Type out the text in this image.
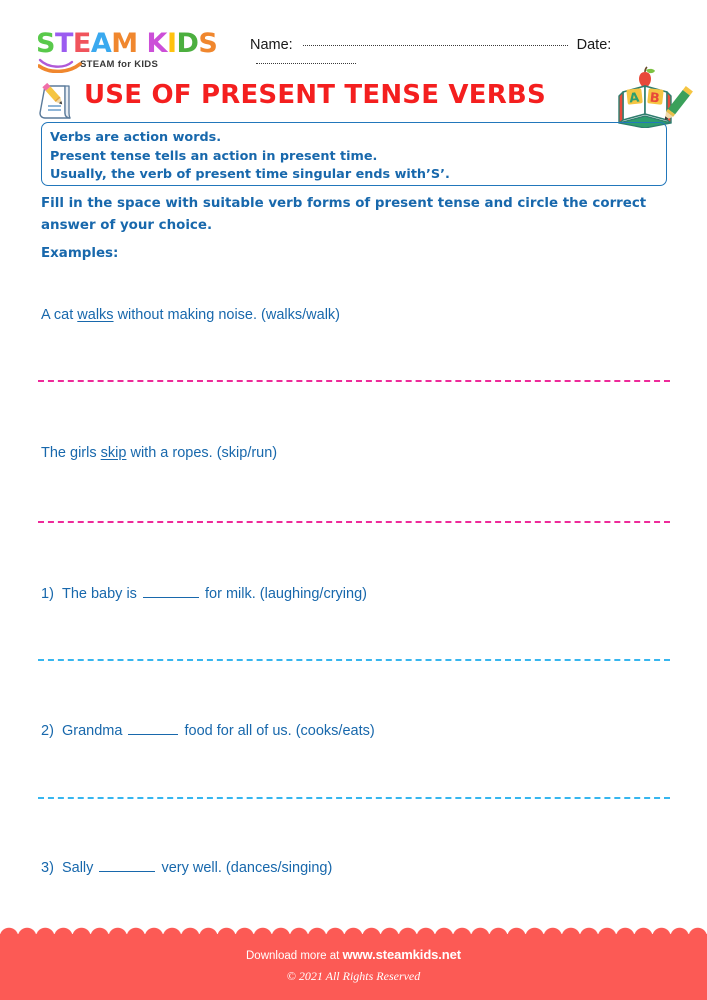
STEAM KIDS
STEAM for KIDS
Name:	Date:
USE OF PRESENT TENSE VERBS	A B
Verbs are action words.
Present tense tells an action in present time.
Usually, the verb of present time singular ends with’S’.
Fill in the space with suitable verb forms of present tense and circle the correct
answer of your choice.
Examples:
A cat walks without making noise. (walks/walk)
The girls skip with a ropes. (skip/run)
1) The baby is	for milk. (laughing/crying)
2) Grandma	food for all of us. (cooks/eats)
3) Sally	very well. (dances/singing)
Download more at www.steamkids.net
© 2021 All Rights Reserved
